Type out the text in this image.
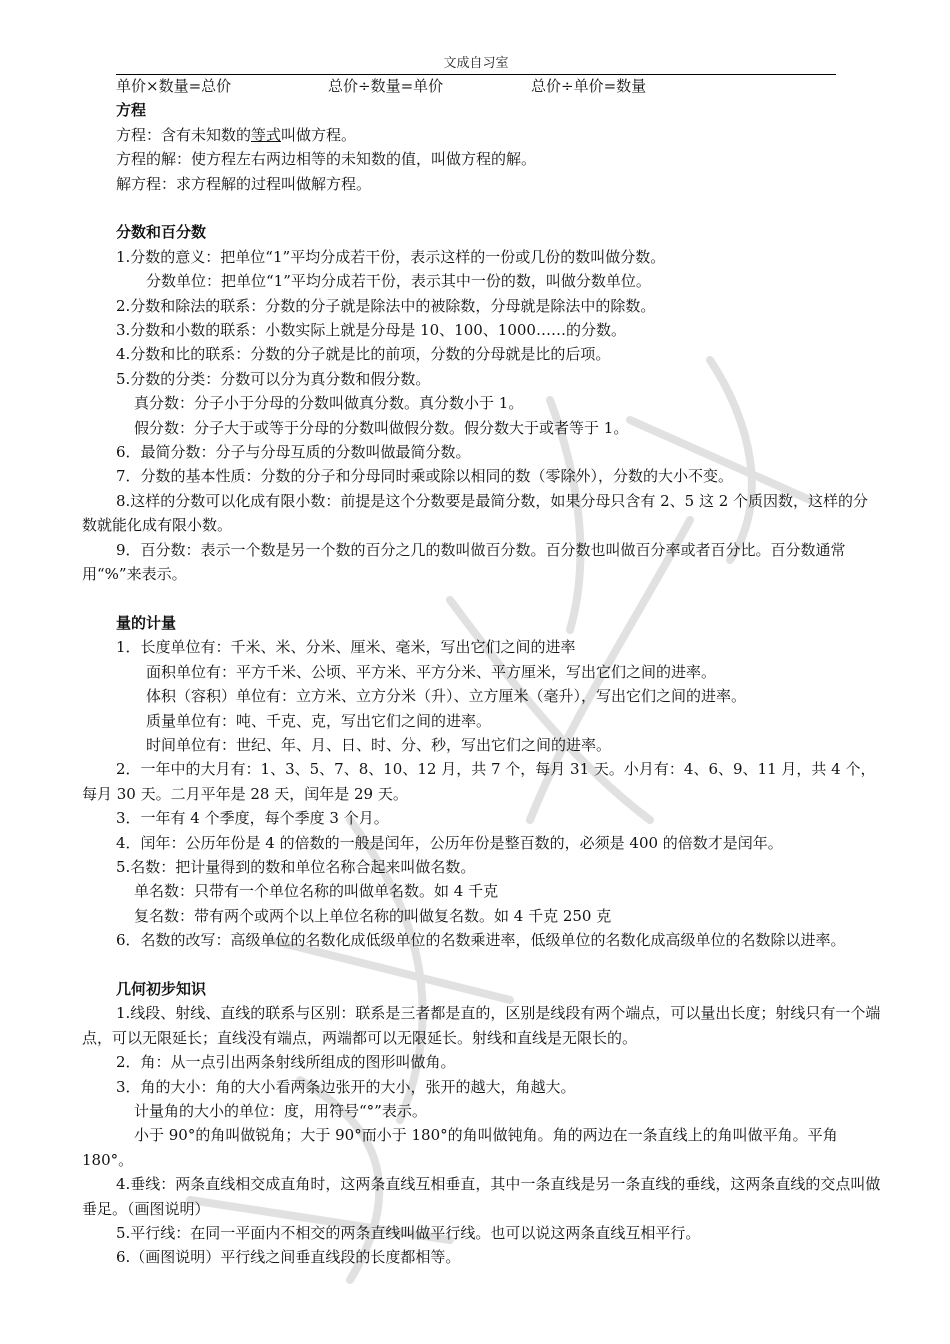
文成自习室
单价×数量=总价	总价÷数量=单价	总价÷单价=数量
方程
方程：含有未知数的等式叫做方程。
方程的解：使方程左右两边相等的未知数的值，叫做方程的解。
解方程：求方程解的过程叫做解方程。
分数和百分数
1.分数的意义：把单位“1”平均分成若干份，表示这样的一份或几份的数叫做分数。
分数单位：把单位“1”平均分成若干份，表示其中一份的数，叫做分数单位。
2.分数和除法的联系：分数的分子就是除法中的被除数，分母就是除法中的除数。
3.分数和小数的联系：小数实际上就是分母是 10、100、1000……的分数。
4.分数和比的联系：分数的分子就是比的前项，分数的分母就是比的后项。
5.分数的分类：分数可以分为真分数和假分数。
真分数：分子小于分母的分数叫做真分数。真分数小于 1。
假分数：分子大于或等于分母的分数叫做假分数。假分数大于或者等于 1。
6．最简分数：分子与分母互质的分数叫做最简分数。
7．分数的基本性质：分数的分子和分母同时乘或除以相同的数（零除外），分数的大小不变。
8.这样的分数可以化成有限小数：前提是这个分数要是最简分数，如果分母只含有 2、5 这 2 个质因数，这样的分数就能化成有限小数。
9．百分数：表示一个数是另一个数的百分之几的数叫做百分数。百分数也叫做百分率或者百分比。百分数通常用“%”来表示。
量的计量
1．长度单位有：千米、米、分米、厘米、毫米，写出它们之间的进率
面积单位有：平方千米、公顷、平方米、平方分米、平方厘米，写出它们之间的进率。
体积（容积）单位有：立方米、立方分米（升）、立方厘米（毫升），写出它们之间的进率。
质量单位有：吨、千克、克，写出它们之间的进率。
时间单位有：世纪、年、月、日、时、分、秒，写出它们之间的进率。
2．一年中的大月有：1、3、5、7、8、10、12 月，共 7 个，每月 31 天。小月有：4、6、9、11 月，共 4 个，每月 30 天。二月平年是 28 天，闰年是 29 天。
3．一年有 4 个季度，每个季度 3 个月。
4．闰年：公历年份是 4 的倍数的一般是闰年，公历年份是整百数的，必须是 400 的倍数才是闰年。
5.名数：把计量得到的数和单位名称合起来叫做名数。
单名数：只带有一个单位名称的叫做单名数。如 4 千克
复名数：带有两个或两个以上单位名称的叫做复名数。如 4 千克 250 克
6．名数的改写：高级单位的名数化成低级单位的名数乘进率，低级单位的名数化成高级单位的名数除以进率。
几何初步知识
1.线段、射线、直线的联系与区别：联系是三者都是直的，区别是线段有两个端点，可以量出长度；射线只有一个端点，可以无限延长；直线没有端点，两端都可以无限延长。射线和直线是无限长的。
2．角：从一点引出两条射线所组成的图形叫做角。
3．角的大小：角的大小看两条边张开的大小，张开的越大，角越大。
计量角的大小的单位：度，用符号“°”表示。
小于 90°的角叫做锐角；大于 90°而小于 180°的角叫做钝角。角的两边在一条直线上的角叫做平角。平角 180°。
4.垂线：两条直线相交成直角时，这两条直线互相垂直，其中一条直线是另一条直线的垂线，这两条直线的交点叫做垂足。（画图说明）
5.平行线：在同一平面内不相交的两条直线叫做平行线。也可以说这两条直线互相平行。
6.（画图说明）平行线之间垂直线段的长度都相等。
